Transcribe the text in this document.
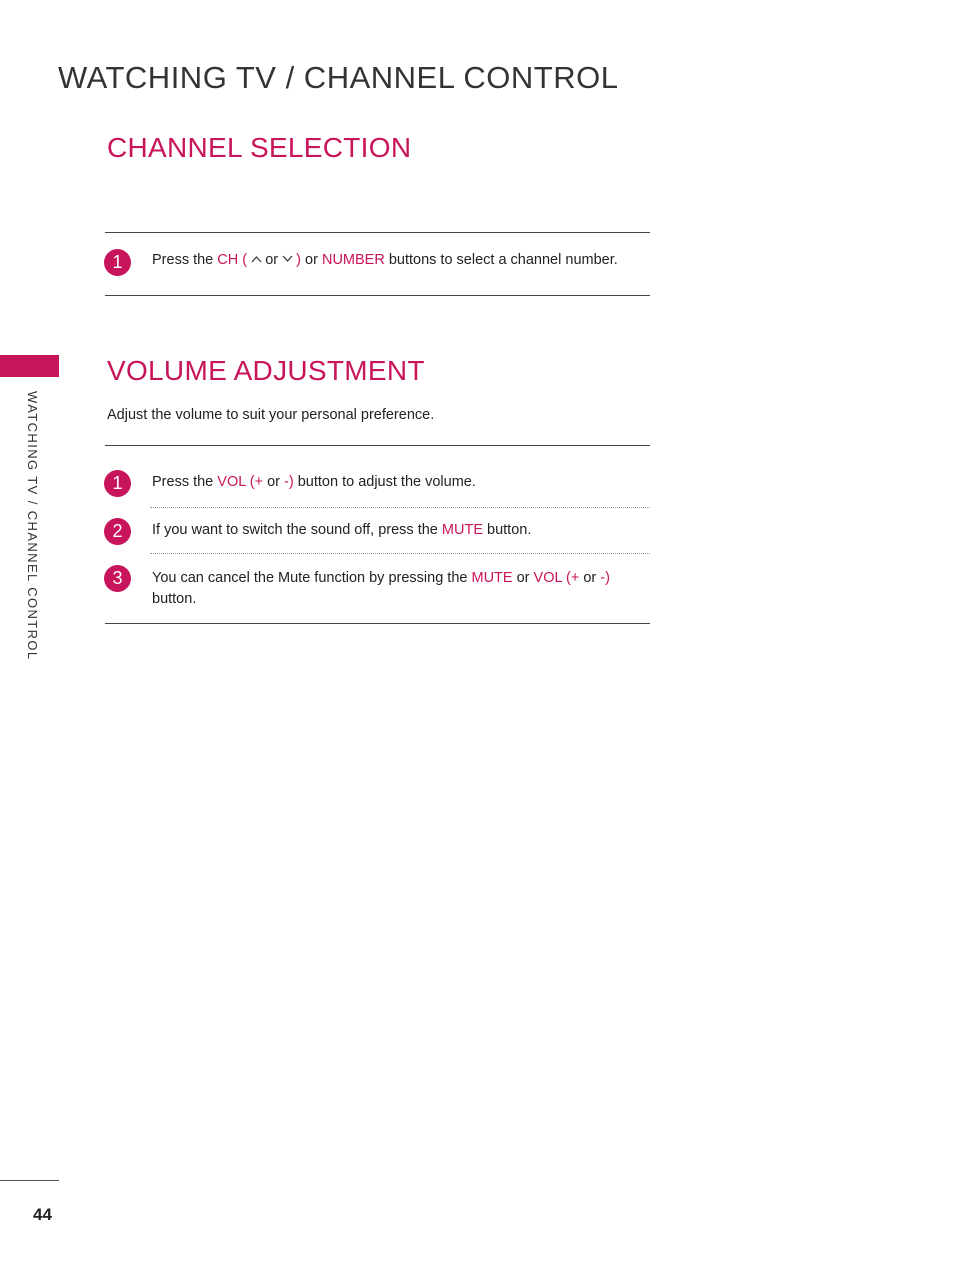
WATCHING TV / CHANNEL CONTROL
WATCHING TV / CHANNEL CONTROL
CHANNEL SELECTION
1	Press the CH (  or  ) or NUMBER buttons to select a channel number.
VOLUME ADJUSTMENT
Adjust the volume to suit your personal preference.
1	Press the VOL (+ or -) button to adjust the volume.
2	If you want to switch the sound off, press the MUTE button.
3	You can cancel the Mute function by pressing the MUTE or VOL (+ or -)
button.
44
